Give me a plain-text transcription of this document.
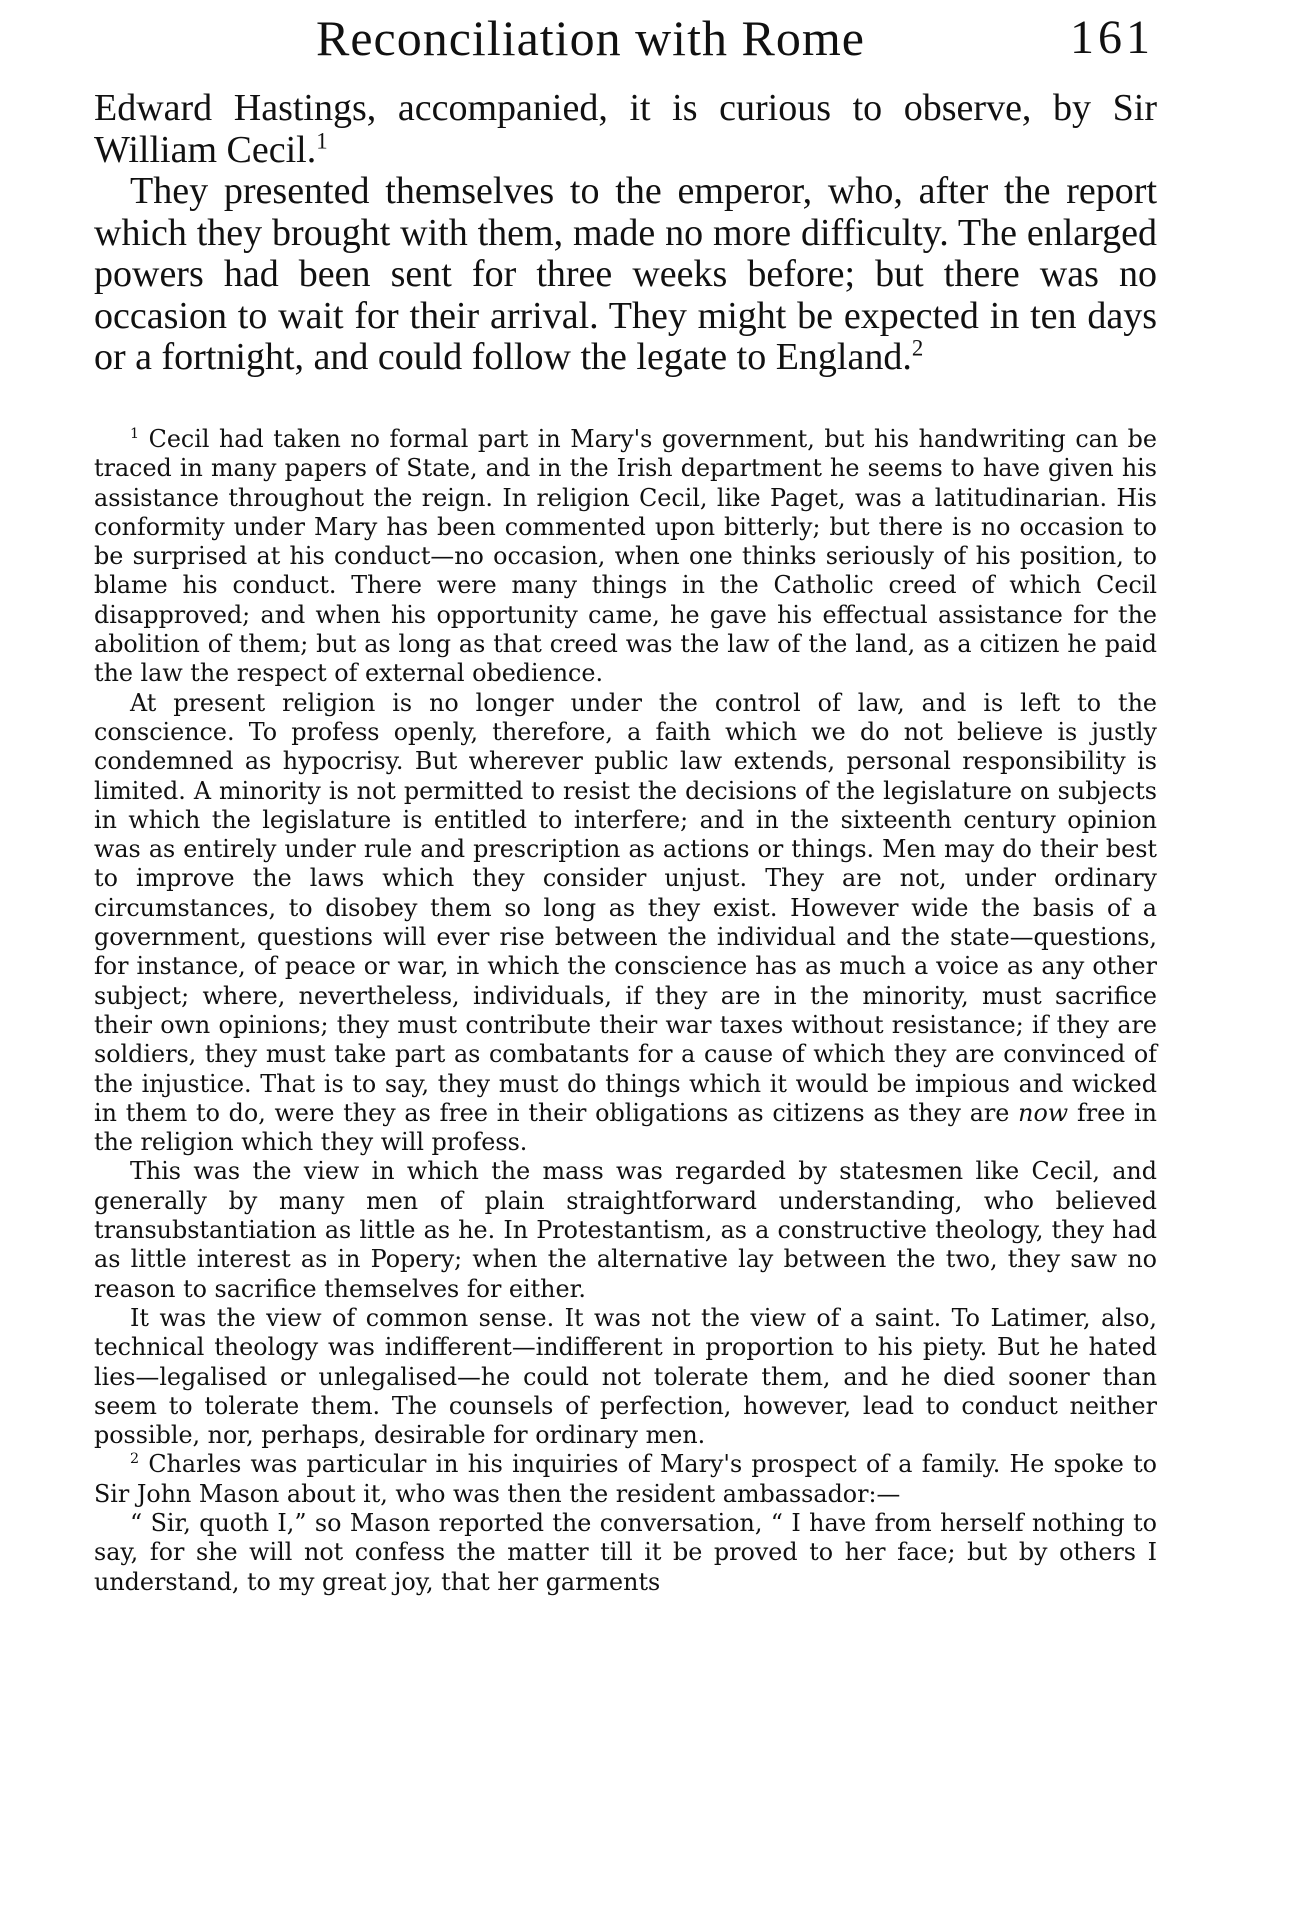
Reconciliation with Rome	161

Edward Hastings, accompanied, it is curious to observe, by Sir William Cecil.$^1$

They presented themselves to the emperor, who, after the report which they brought with them, made no more difficulty. The enlarged powers had been sent for three weeks before; but there was no occasion to wait for their arrival. They might be expected in ten days or a fortnight, and could follow the legate to England.$^2$

$^1$ Cecil had taken no formal part in Mary's government, but his handwriting can be traced in many papers of State, and in the Irish department he seems to have given his assistance throughout the reign. In religion Cecil, like Paget, was a latitudinarian. His conformity under Mary has been commented upon bitterly; but there is no occasion to be surprised at his conduct—no occasion, when one thinks seriously of his position, to blame his conduct. There were many things in the Catholic creed of which Cecil disapproved; and when his opportunity came, he gave his effectual assistance for the abolition of them; but as long as that creed was the law of the land, as a citizen he paid the law the respect of external obedience.

At present religion is no longer under the control of law, and is left to the conscience. To profess openly, therefore, a faith which we do not believe is justly condemned as hypocrisy. But wherever public law extends, personal responsibility is limited. A minority is not permitted to resist the decisions of the legislature on subjects in which the legislature is entitled to interfere; and in the sixteenth century opinion was as entirely under rule and prescription as actions or things. Men may do their best to improve the laws which they consider unjust. They are not, under ordinary circumstances, to disobey them so long as they exist. However wide the basis of a government, questions will ever rise between the individual and the state—questions, for instance, of peace or war, in which the conscience has as much a voice as any other subject; where, nevertheless, individuals, if they are in the minority, must sacrifice their own opinions; they must contribute their war taxes without resistance; if they are soldiers, they must take part as combatants for a cause of which they are convinced of the injustice. That is to say, they must do things which it would be impious and wicked in them to do, were they as free in their obligations as citizens as they are now free in the religion which they will profess.

This was the view in which the mass was regarded by statesmen like Cecil, and generally by many men of plain straightforward understanding, who believed transubstantiation as little as he. In Protestantism, as a constructive theology, they had as little interest as in Popery; when the alternative lay between the two, they saw no reason to sacrifice themselves for either.

It was the view of common sense. It was not the view of a saint. To Latimer, also, technical theology was indifferent—indifferent in proportion to his piety. But he hated lies—legalised or unlegalised—he could not tolerate them, and he died sooner than seem to tolerate them. The counsels of perfection, however, lead to conduct neither possible, nor, perhaps, desirable for ordinary men.

$^2$ Charles was particular in his inquiries of Mary's prospect of a family. He spoke to Sir John Mason about it, who was then the resident ambassador:—

“ Sir, quoth I,” so Mason reported the conversation, “ I have from herself nothing to say, for she will not confess the matter till it be proved to her face; but by others I understand, to my great joy, that her garments
